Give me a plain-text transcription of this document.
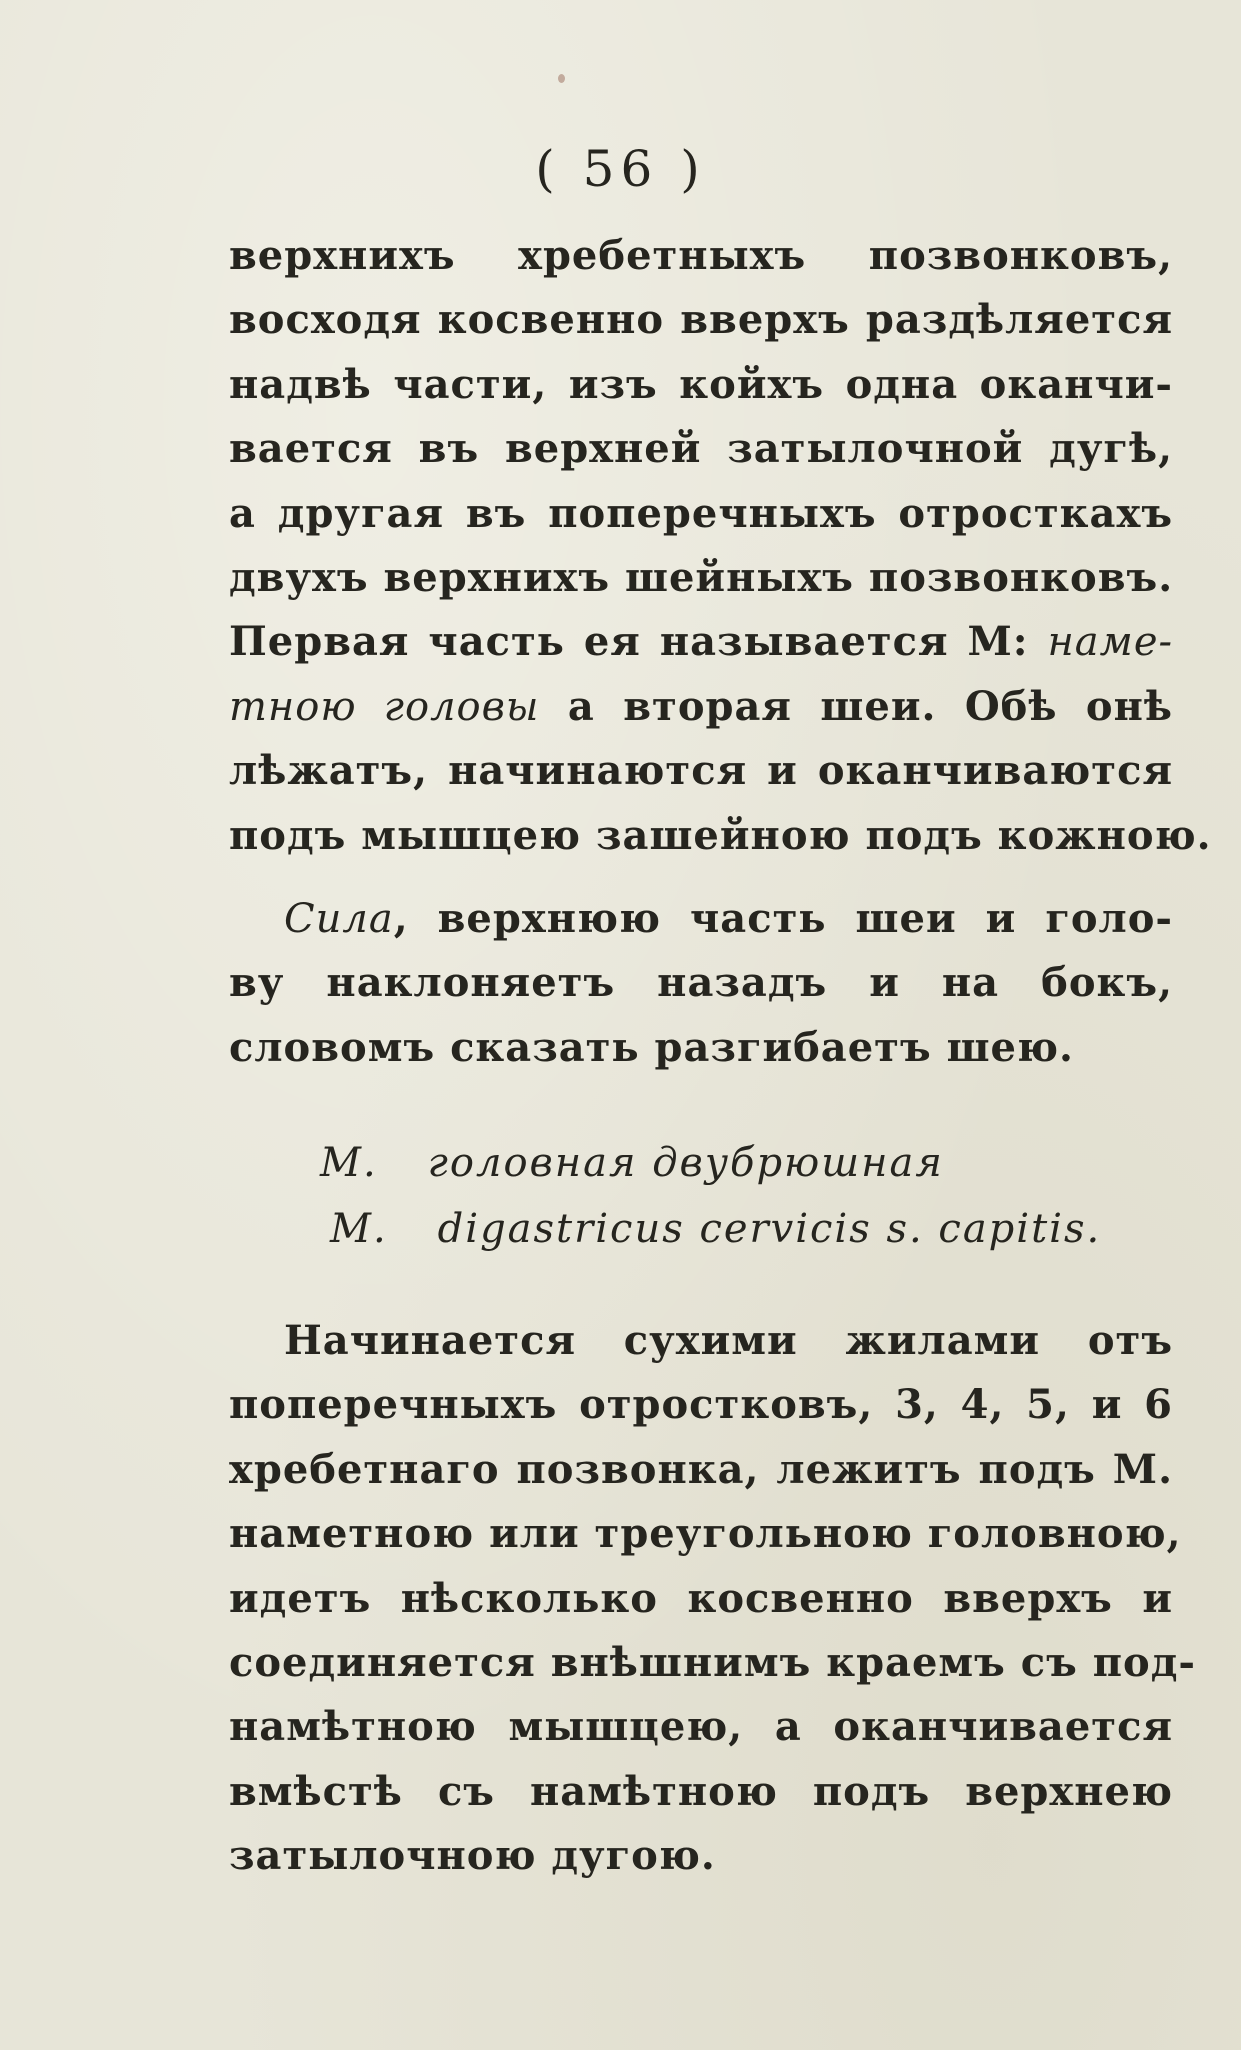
( 56 )
верхнихъ хребетныхъ позвонковъ,
восходя косвенно вверхъ раздѣляется
надвѣ части, изъ койхъ одна оканчи-
вается въ верхней затылочной дугѣ,
а другая въ поперечныхъ отросткахъ
двухъ верхнихъ шейныхъ позвонковъ.
Первая часть ея называется М: наме-
тною головы а вторая шеи. Обѣ онѣ
лѣжатъ, начинаются и оканчиваются
подъ мышцею зашейною подъ кожною.
Сила, верхнюю часть шеи и голо-
ву наклоняетъ назадъ и на бокъ,
словомъ сказать разгибаетъ шею.
М. головная двубрюшная
M. digastricus cervicis s. capitis.
Начинается сухими жилами отъ
поперечныхъ отростковъ, 3, 4, 5, и 6
хребетнаго позвонка, лежитъ подъ М.
наметною или треугольною головною,
идетъ нѣсколько косвенно вверхъ и
соединяется внѣшнимъ краемъ съ под-
намѣтною мышцею, а оканчивается
вмѣстѣ съ намѣтною подъ верхнею
затылочною дугою.
